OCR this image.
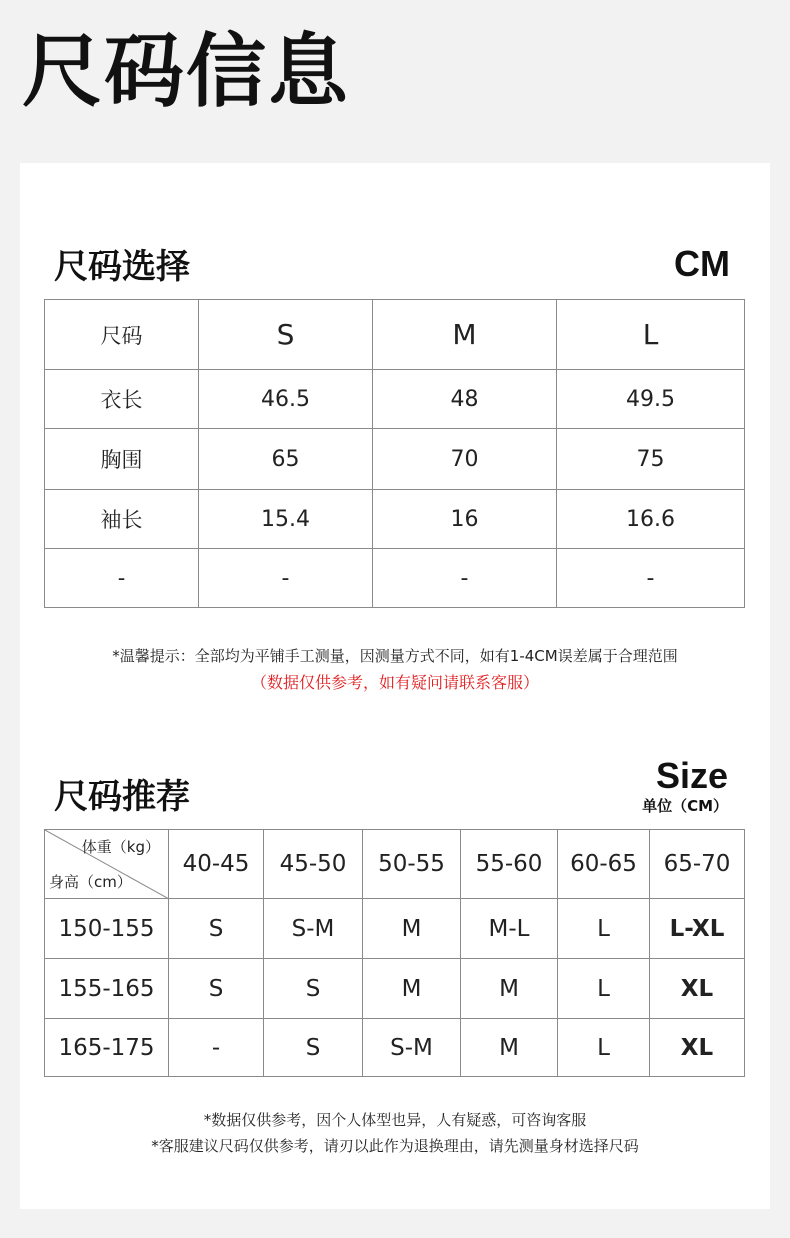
尺码信息
尺码选择	CM
尺码	S	M	L
衣长	46.5	48	49.5
胸围	65	70	75
袖长	15.4	16	16.6
-	-	-	-
*温馨提示：全部均为平铺手工测量，因测量方式不同，如有1-4CM误差属于合理范围
（数据仅供参考，如有疑问请联系客服）
尺码推荐
Size
单位（CM）
体重（kg）
身高（cm）	40-45	45-50	50-55	55-60	60-65	65-70
150-155	S	S-M	M	M-L	L	L-XL
155-165	S	S	M	M	L	XL
165-175	-	S	S-M	M	L	XL
*数据仅供参考，因个人体型也异，人有疑惑，可咨询客服
*客服建议尺码仅供参考，请刃以此作为退换理由，请先测量身材选择尺码
